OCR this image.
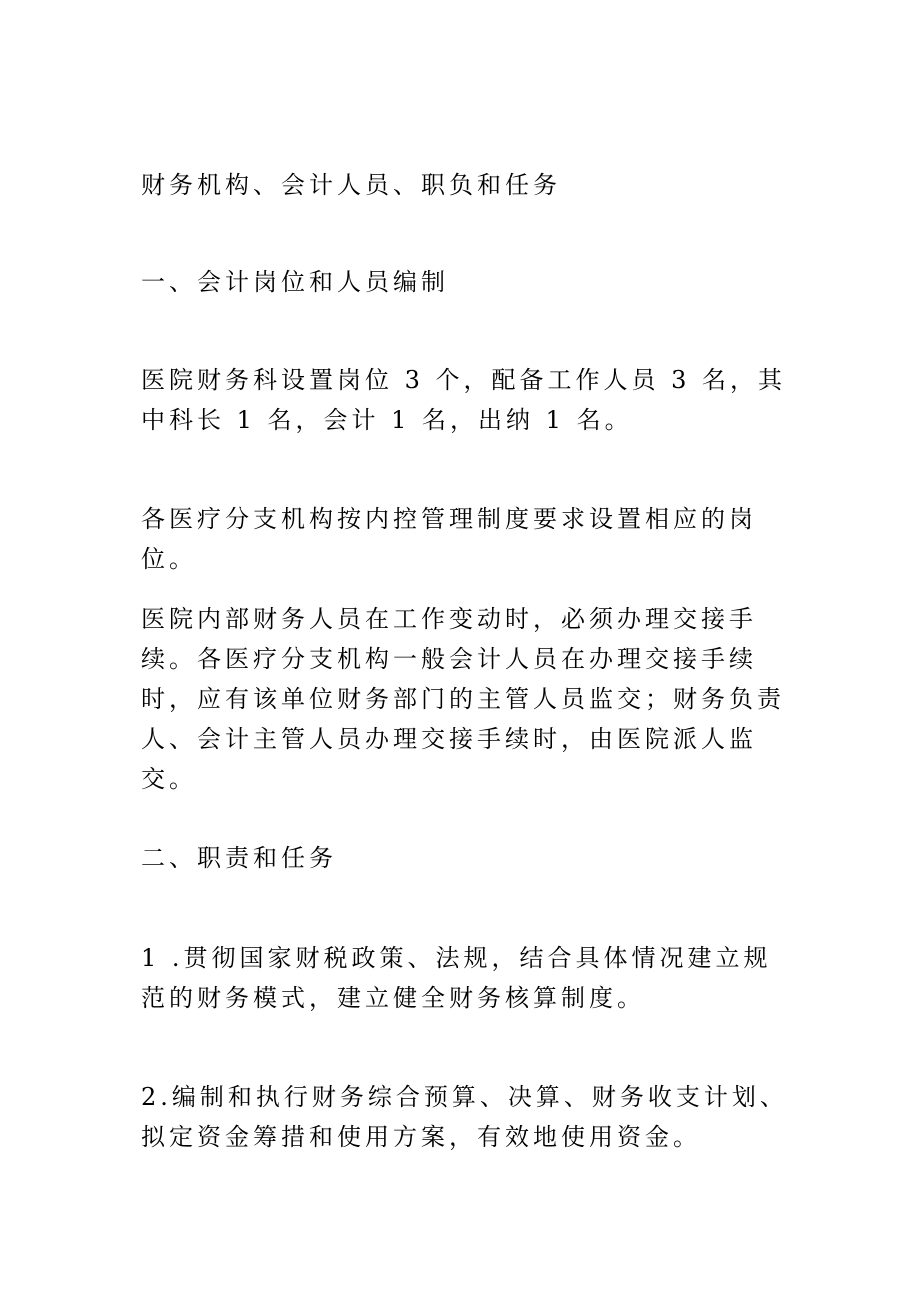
财务机构、会计人员、职负和任务
一、会计岗位和人员编制
医院财务科设置岗位 3 个，配备工作人员 3 名，其中科长 1 名，会计 1 名，出纳 1 名。
各医疗分支机构按内控管理制度要求设置相应的岗位。
医院内部财务人员在工作变动时，必须办理交接手续。各医疗分支机构一般会计人员在办理交接手续时，应有该单位财务部门的主管人员监交；财务负责人、会计主管人员办理交接手续时，由医院派人监交。
二、职责和任务
1 .贯彻国家财税政策、法规，结合具体情况建立规范的财务模式，建立健全财务核算制度。
2.编制和执行财务综合预算、决算、财务收支计划、拟定资金筹措和使用方案，有效地使用资金。
